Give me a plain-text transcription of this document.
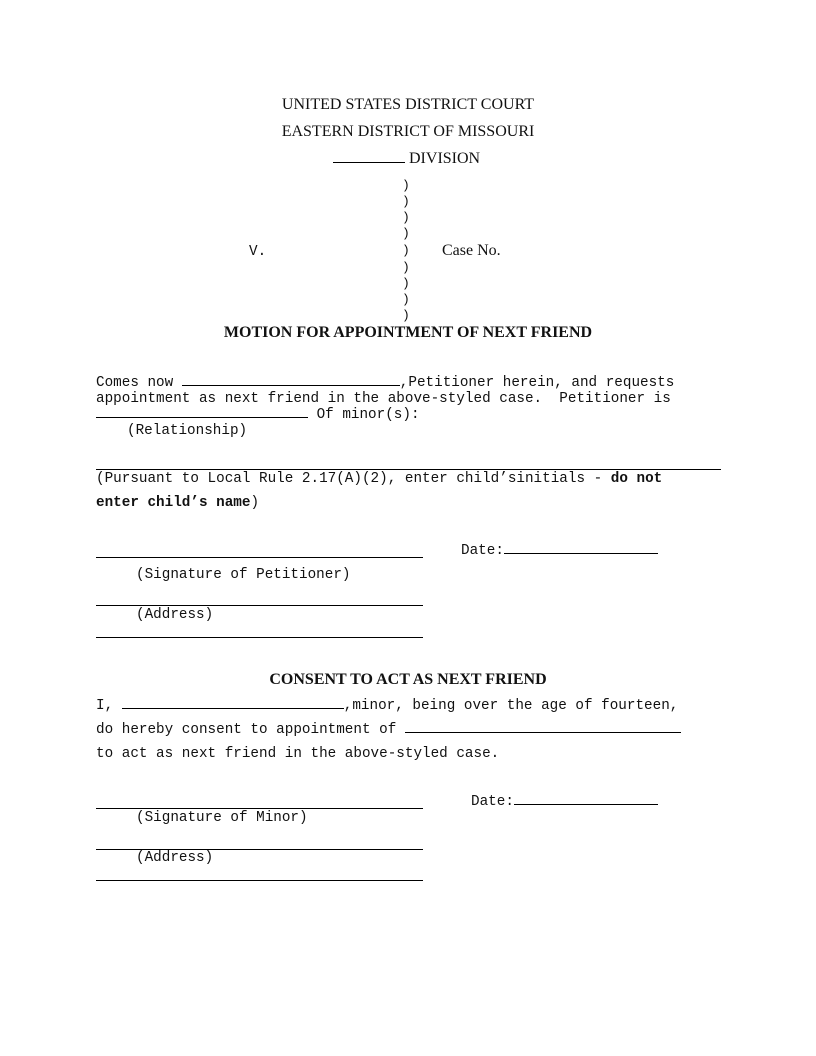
UNITED STATES DISTRICT COURT
EASTERN DISTRICT OF MISSOURI
DIVISION
)
)
)
)
)
)
)
)
)
V.	Case No.
MOTION FOR APPOINTMENT OF NEXT FRIEND
Comes now	,Petitioner herein, and requests
appointment as next friend in the above-styled case.  Petitioner is
Of minor(s):
(Relationship)
(Pursuant to Local Rule 2.17(A)(2), enter child’sinitials - do not
enter child’s name)
Date:
(Signature of Petitioner)
(Address)
CONSENT TO ACT AS NEXT FRIEND
I,	,minor, being over the age of fourteen,
do hereby consent to appointment of
to act as next friend in the above-styled case.
Date:
(Signature of Minor)
(Address)
